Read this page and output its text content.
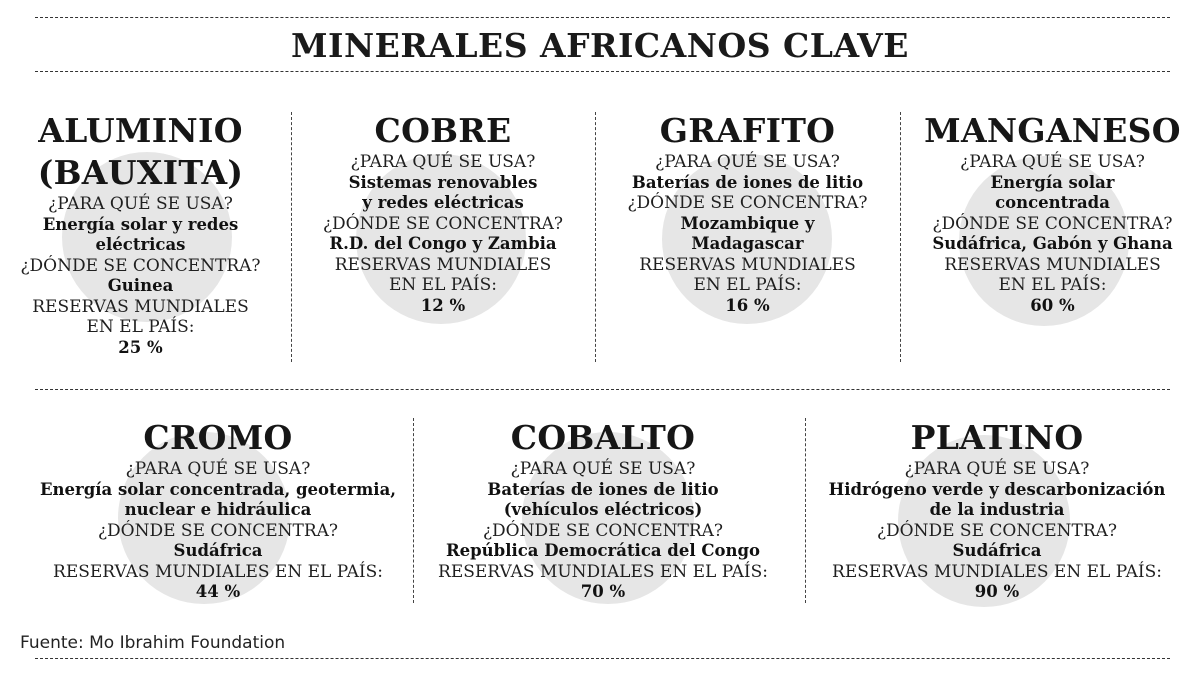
MINERALES AFRICANOS CLAVE
ALUMINIO
(BAUXITA)
¿PARA QUÉ SE USA?
Energía solar y redes
eléctricas
¿DÓNDE SE CONCENTRA?
Guinea
RESERVAS MUNDIALES
EN EL PAÍS:
25 %
COBRE
¿PARA QUÉ SE USA?
Sistemas renovables
y redes eléctricas
¿DÓNDE SE CONCENTRA?
R.D. del Congo y Zambia
RESERVAS MUNDIALES
EN EL PAÍS:
12 %
GRAFITO
¿PARA QUÉ SE USA?
Baterías de iones de litio
¿DÓNDE SE CONCENTRA?
Mozambique y
Madagascar
RESERVAS MUNDIALES
EN EL PAÍS:
16 %
MANGANESO
¿PARA QUÉ SE USA?
Energía solar
concentrada
¿DÓNDE SE CONCENTRA?
Sudáfrica, Gabón y Ghana
RESERVAS MUNDIALES
EN EL PAÍS:
60 %
CROMO
¿PARA QUÉ SE USA?
Energía solar concentrada, geotermia,
nuclear e hidráulica
¿DÓNDE SE CONCENTRA?
Sudáfrica
RESERVAS MUNDIALES EN EL PAÍS:
44 %
COBALTO
¿PARA QUÉ SE USA?
Baterías de iones de litio
(vehículos eléctricos)
¿DÓNDE SE CONCENTRA?
República Democrática del Congo
RESERVAS MUNDIALES EN EL PAÍS:
70 %
PLATINO
¿PARA QUÉ SE USA?
Hidrógeno verde y descarbonización
de la industria
¿DÓNDE SE CONCENTRA?
Sudáfrica
RESERVAS MUNDIALES EN EL PAÍS:
90 %
Fuente: Mo Ibrahim Foundation
